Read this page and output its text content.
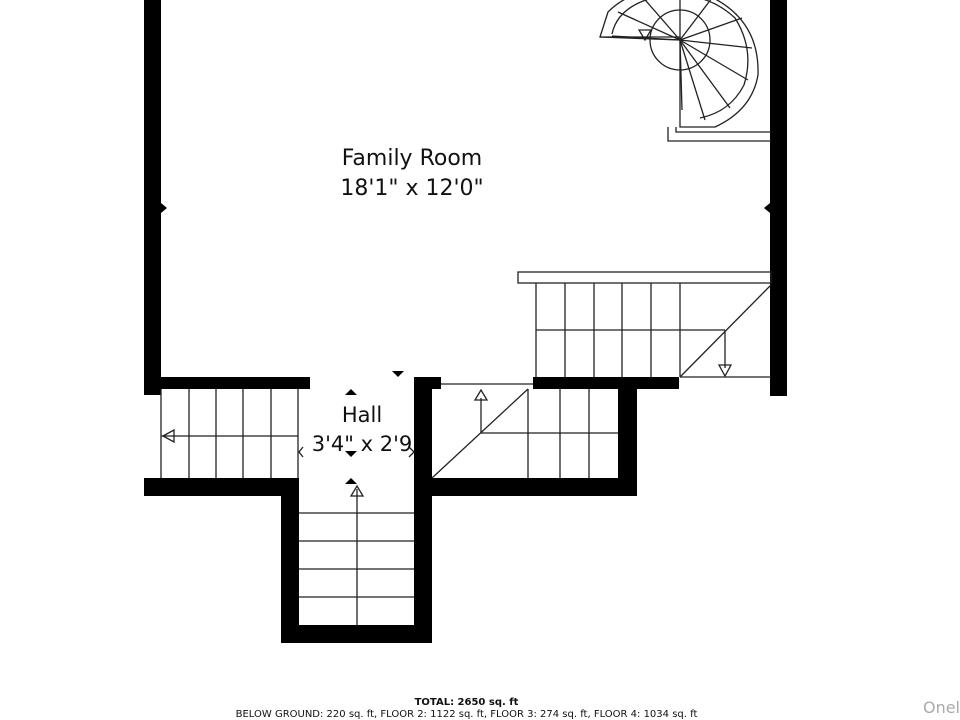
Family Room
18'1" x 12'0"
Hall
3'4" x 2'9
TOTAL: 2650 sq. ft
BELOW GROUND: 220 sq. ft, FLOOR 2: 1122 sq. ft, FLOOR 3: 274 sq. ft, FLOOR 4: 1034 sq. ft	Onel
